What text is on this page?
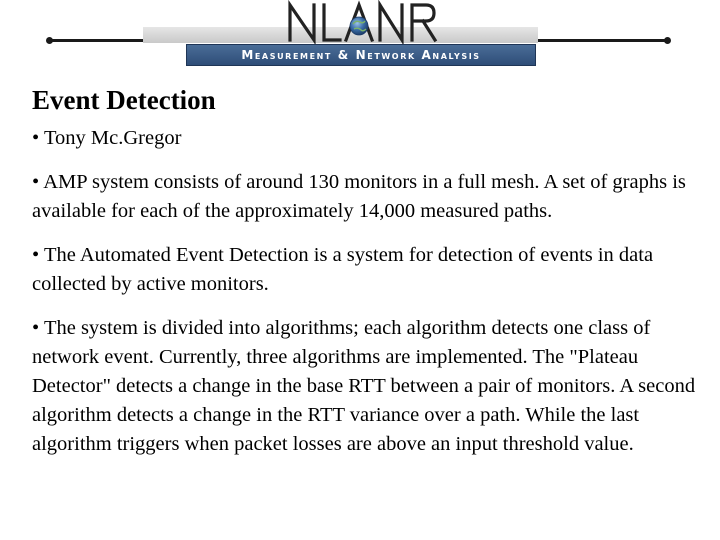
Measurement & Network Analysis
Event Detection

• Tony Mc.Gregor

• AMP system consists of around 130 monitors in a full mesh. A set of graphs is available for each of the approximately 14,000 measured paths.

• The Automated Event Detection is a system for detection of events in data collected by active monitors.

• The system is divided into algorithms; each algorithm detects one class of network event. Currently, three algorithms are implemented. The "Plateau Detector" detects a change in the base RTT between a pair of monitors. A second algorithm detects a change in the RTT variance over a path. While the last algorithm triggers when packet losses are above an input threshold value.
